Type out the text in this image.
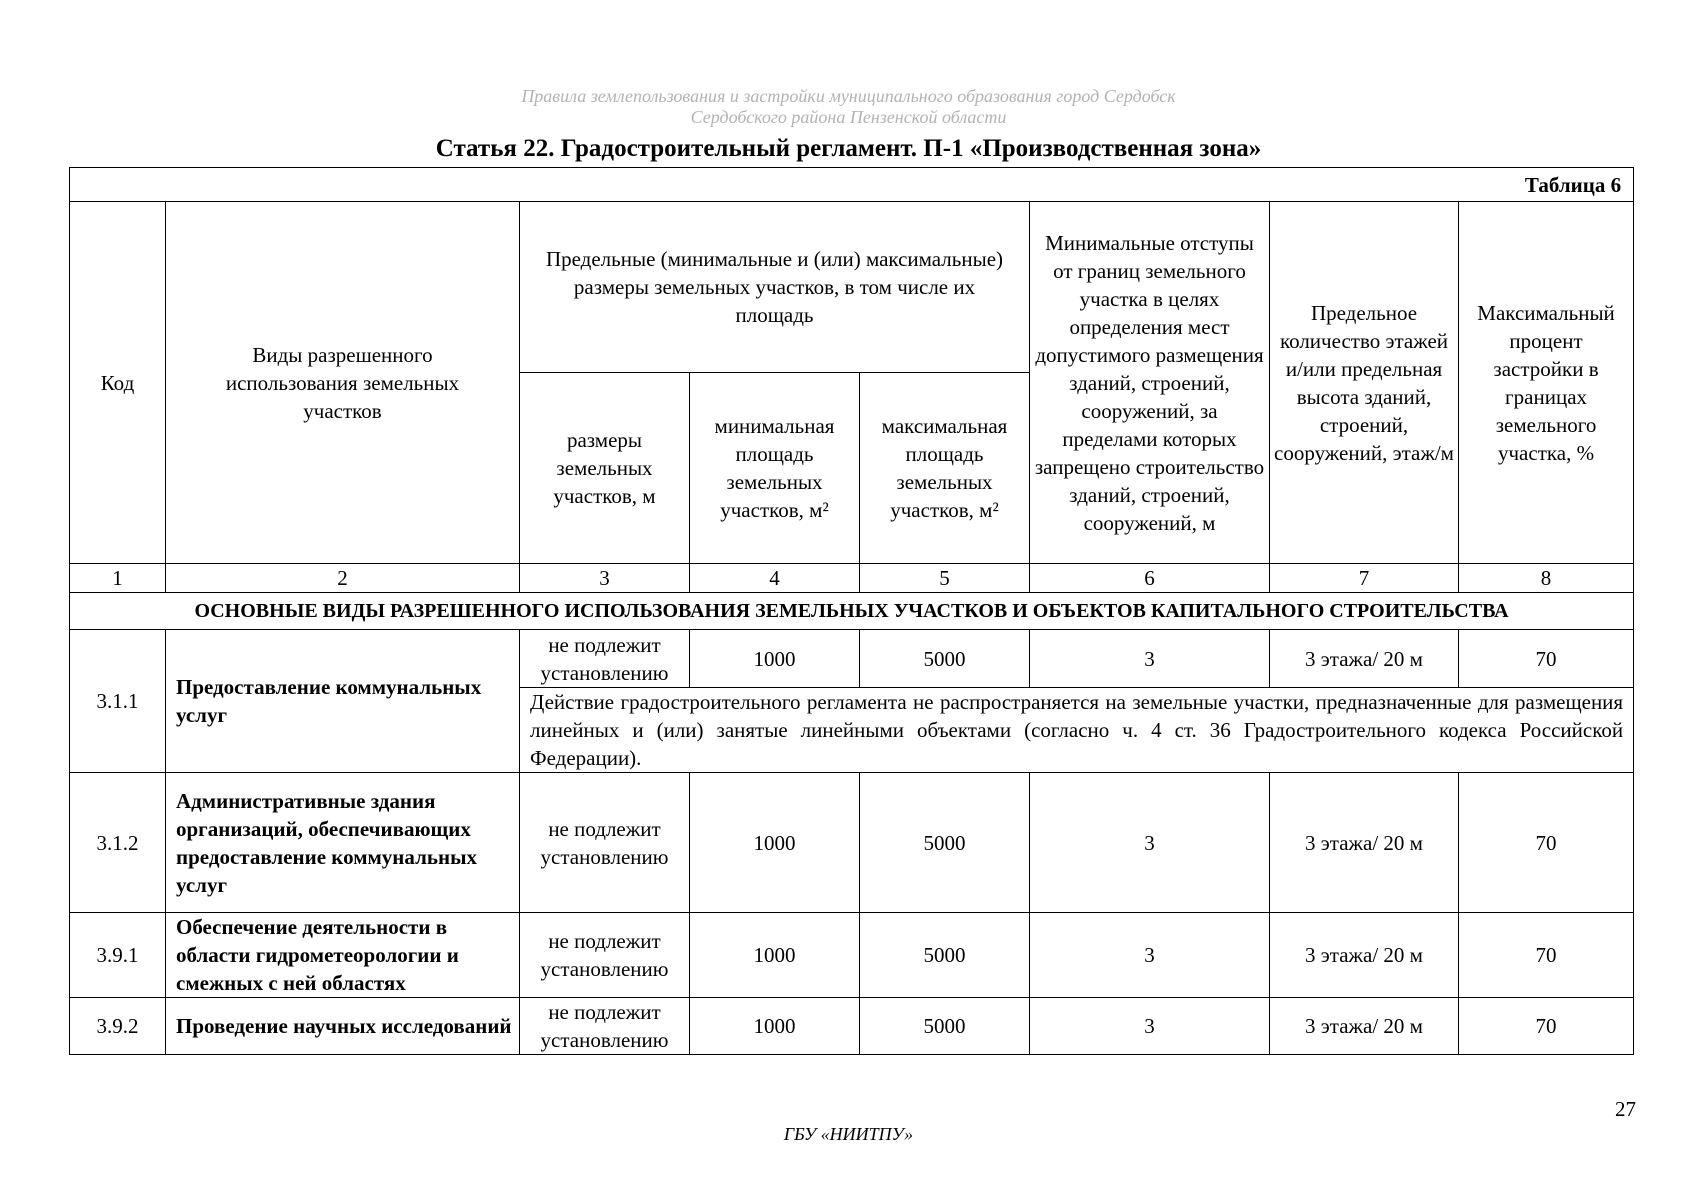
Правила землепользования и застройки муниципального образования город Сердобск
Сердобского района Пензенской области
Статья 22. Градостроительный регламент. П-1 «Производственная зона»
Таблица 6							
Код	Виды разрешенного использования земельных участков	Предельные (минимальные и (или) максимальные) размеры земельных участков, в том числе их площадь			Минимальные отступы от границ земельного участка в целях определения мест допустимого размещения зданий, строений, сооружений, за пределами которых запрещено строительство зданий, строений, сооружений, м	Предельное количество этажей и/или предельная высота зданий, строений, сооружений, этаж/м	Максимальный процент застройки в границах земельного участка, %
		размеры земельных участков, м	минимальная площадь земельных участков, м²	максимальная площадь земельных участков, м²			
1	2	3	4	5	6	7	8
ОСНОВНЫЕ ВИДЫ РАЗРЕШЕННОГО ИСПОЛЬЗОВАНИЯ ЗЕМЕЛЬНЫХ УЧАСТКОВ И ОБЪЕКТОВ КАПИТАЛЬНОГО СТРОИТЕЛЬСТВА							
3.1.1	Предоставление коммунальных услуг	не подлежит установлению	1000	5000	3	3 этажа/ 20 м	70
		Действие градостроительного регламента не распространяется на земельные участки, предназначенные для размещения линейных и (или) занятые линейными объектами (согласно ч. 4 ст. 36 Градостроительного кодекса Российской Федерации).					
3.1.2	Административные здания организаций, обеспечивающих предоставление коммунальных услуг	не подлежит установлению	1000	5000	3	3 этажа/ 20 м	70
3.9.1	Обеспечение деятельности в области гидрометеорологии и смежных с ней областях	не подлежит установлению	1000	5000	3	3 этажа/ 20 м	70
3.9.2	Проведение научных исследований	не подлежит установлению	1000	5000	3	3 этажа/ 20 м	70
27
ГБУ «НИИТПУ»
